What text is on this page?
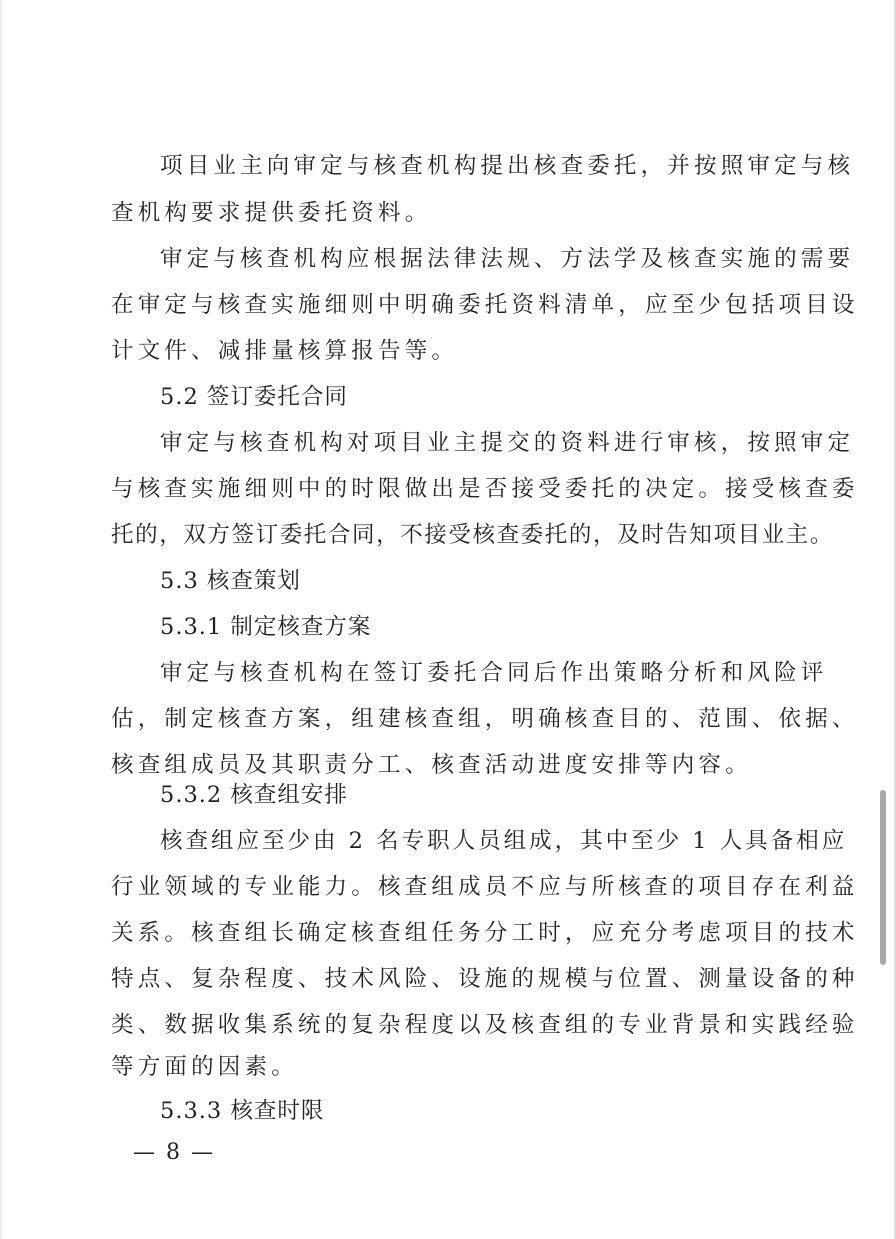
项目业主向审定与核查机构提出核查委托，并按照审定与核
查机构要求提供委托资料。
审定与核查机构应根据法律法规、方法学及核查实施的需要
在审定与核查实施细则中明确委托资料清单，应至少包括项目设
计文件、减排量核算报告等。
5.2 签订委托合同
审定与核查机构对项目业主提交的资料进行审核，按照审定
与核查实施细则中的时限做出是否接受委托的决定。接受核查委
托的，双方签订委托合同，不接受核查委托的，及时告知项目业主。
5.3 核查策划
5.3.1 制定核查方案
审定与核查机构在签订委托合同后作出策略分析和风险评
估，制定核查方案，组建核查组，明确核查目的、范围、依据、
核查组成员及其职责分工、核查活动进度安排等内容。
5.3.2 核查组安排
核查组应至少由 2 名专职人员组成，其中至少 1 人具备相应
行业领域的专业能力。核查组成员不应与所核查的项目存在利益
关系。核查组长确定核查组任务分工时，应充分考虑项目的技术
特点、复杂程度、技术风险、设施的规模与位置、测量设备的种
类、数据收集系统的复杂程度以及核查组的专业背景和实践经验
等方面的因素。
5.3.3 核查时限
— 8 —
